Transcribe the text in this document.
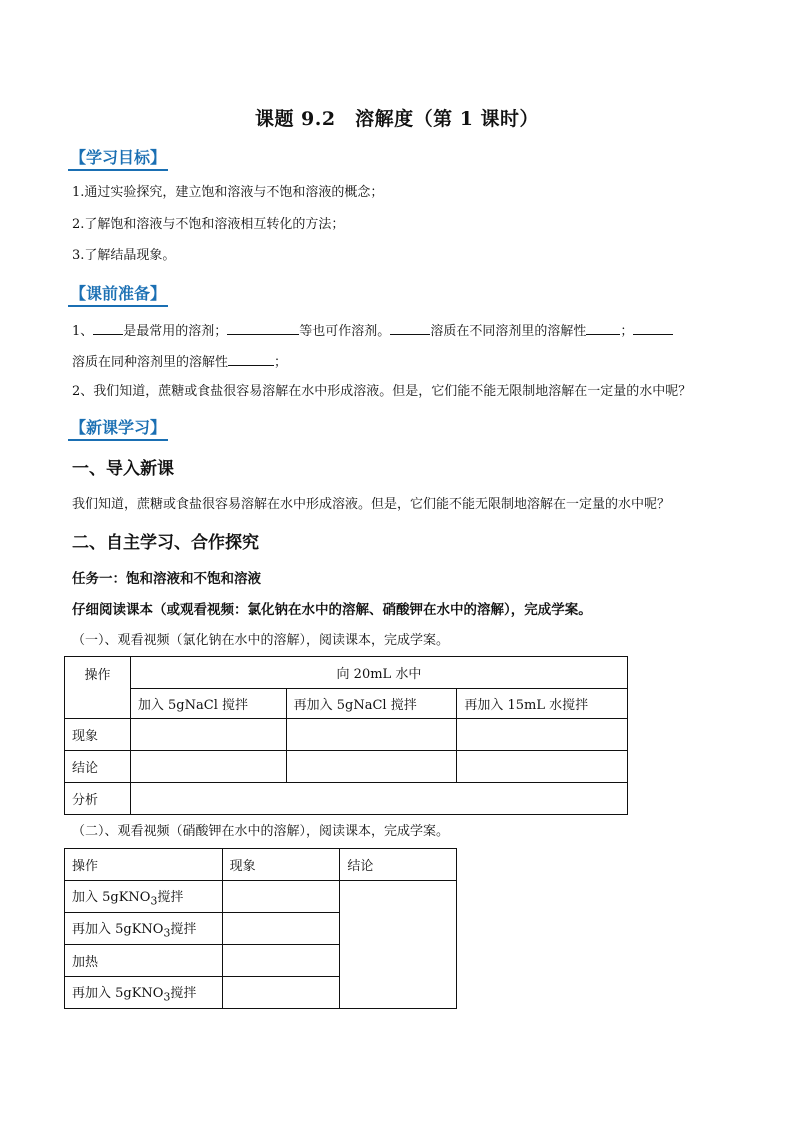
课题 9.2　溶解度（第 1 课时）
【学习目标】
1.通过实验探究，建立饱和溶液与不饱和溶液的概念；
2.了解饱和溶液与不饱和溶液相互转化的方法；
3.了解结晶现象。
【课前准备】
1、 是最常用的溶剂；	等也可作溶剂。	溶质在不同溶剂里的溶解性	；
溶质在同种溶剂里的溶解性	；
2、我们知道，蔗糖或食盐很容易溶解在水中形成溶液。但是，它们能不能无限制地溶解在一定量的水中呢？
【新课学习】
一、导入新课
我们知道，蔗糖或食盐很容易溶解在水中形成溶液。但是，它们能不能无限制地溶解在一定量的水中呢？
二、自主学习、合作探究
任务一：饱和溶液和不饱和溶液
仔细阅读课本（或观看视频：氯化钠在水中的溶解、硝酸钾在水中的溶解），完成学案。
（一）、观看视频（氯化钠在水中的溶解），阅读课本，完成学案。
操作	向 20mL 水中		
	加入 5gNaCl 搅拌	再加入 5gNaCl 搅拌	再加入 15mL 水搅拌
现象			
结论			
分析			
（二）、观看视频（硝酸钾在水中的溶解），阅读课本，完成学案。
操作	现象	结论
加入 5gKNO$_3$搅拌		
再加入 5gKNO$_3$搅拌		
加热		
再加入 5gKNO$_3$搅拌		
